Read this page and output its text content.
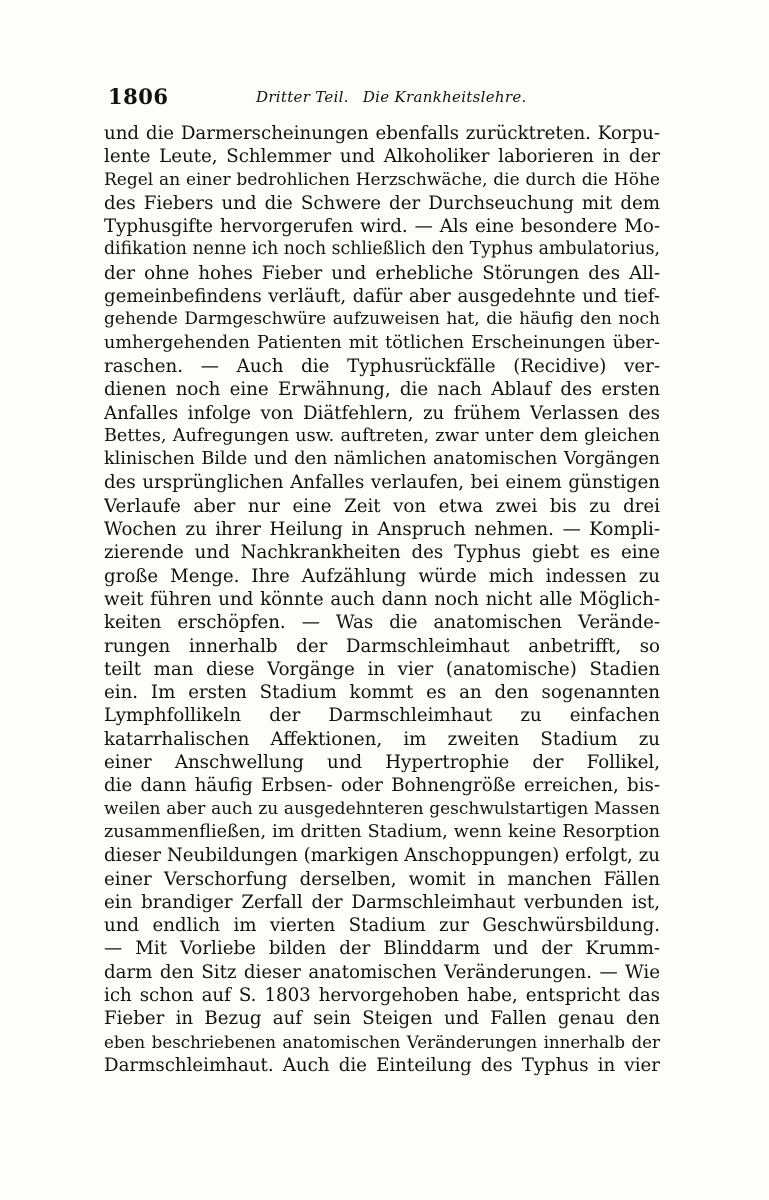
1806	Dritter Teil. Die Krankheitslehre.
und die Darmerscheinungen ebenfalls zurücktreten. Korpu-
lente Leute, Schlemmer und Alkoholiker laborieren in der
Regel an einer bedrohlichen Herzschwäche, die durch die Höhe
des Fiebers und die Schwere der Durchseuchung mit dem
Typhusgifte hervorgerufen wird. — Als eine besondere Mo-
difikation nenne ich noch schließlich den Typhus ambulatorius,
der ohne hohes Fieber und erhebliche Störungen des All-
gemeinbefindens verläuft, dafür aber ausgedehnte und tief-
gehende Darmgeschwüre aufzuweisen hat, die häufig den noch
umhergehenden Patienten mit tötlichen Erscheinungen über-
raschen. — Auch die Typhusrückfälle (Recidive) ver-
dienen noch eine Erwähnung, die nach Ablauf des ersten
Anfalles infolge von Diätfehlern, zu frühem Verlassen des
Bettes, Aufregungen usw. auftreten, zwar unter dem gleichen
klinischen Bilde und den nämlichen anatomischen Vorgängen
des ursprünglichen Anfalles verlaufen, bei einem günstigen
Verlaufe aber nur eine Zeit von etwa zwei bis zu drei
Wochen zu ihrer Heilung in Anspruch nehmen. — Kompli-
zierende und Nachkrankheiten des Typhus giebt es eine
große Menge. Ihre Aufzählung würde mich indessen zu
weit führen und könnte auch dann noch nicht alle Möglich-
keiten erschöpfen. — Was die anatomischen Verände-
rungen innerhalb der Darmschleimhaut anbetrifft, so
teilt man diese Vorgänge in vier (anatomische) Stadien
ein. Im ersten Stadium kommt es an den sogenannten
Lymphfollikeln der Darmschleimhaut zu einfachen
katarrhalischen Affektionen, im zweiten Stadium zu
einer Anschwellung und Hypertrophie der Follikel,
die dann häufig Erbsen- oder Bohnengröße erreichen, bis-
weilen aber auch zu ausgedehnteren geschwulstartigen Massen
zusammenfließen, im dritten Stadium, wenn keine Resorption
dieser Neubildungen (markigen Anschoppungen) erfolgt, zu
einer Verschorfung derselben, womit in manchen Fällen
ein brandiger Zerfall der Darmschleimhaut verbunden ist,
und endlich im vierten Stadium zur Geschwürsbildung.
— Mit Vorliebe bilden der Blinddarm und der Krumm-
darm den Sitz dieser anatomischen Veränderungen. — Wie
ich schon auf S. 1803 hervorgehoben habe, entspricht das
Fieber in Bezug auf sein Steigen und Fallen genau den
eben beschriebenen anatomischen Veränderungen innerhalb der
Darmschleimhaut. Auch die Einteilung des Typhus in vier
